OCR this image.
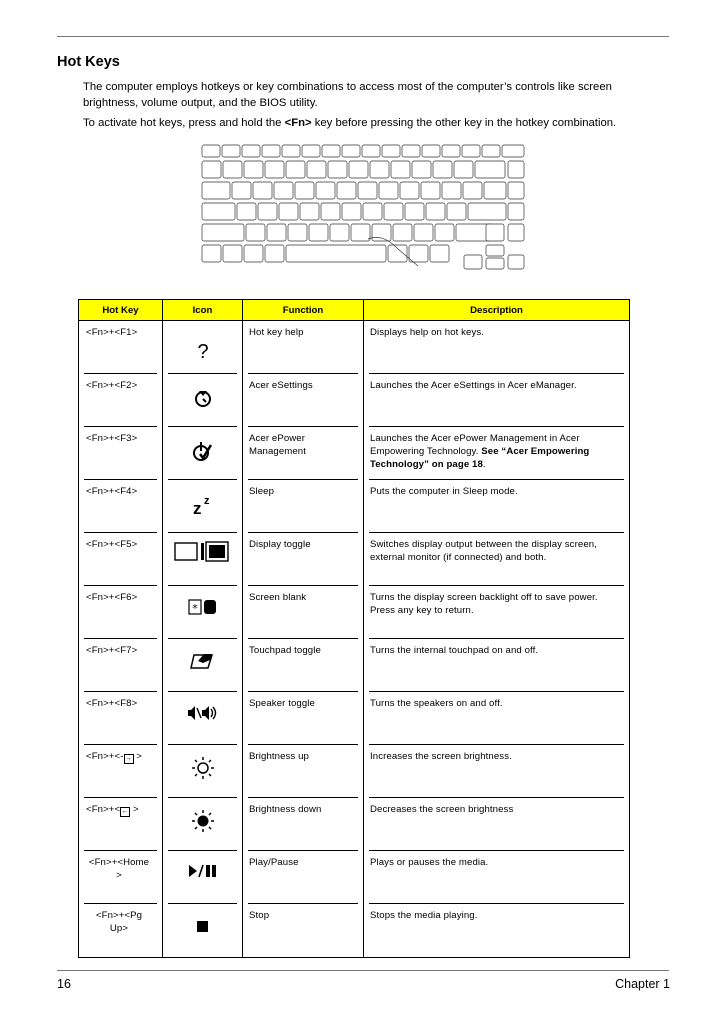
Hot Keys
The computer employs hotkeys or key combinations to access most of the computer’s controls like screen
brightness, volume output, and the BIOS utility.
To activate hot keys, press and hold the <Fn> key before pressing the other key in the hotkey combination.
Hot Key	Icon	Function	Description

<Fn>+<F1>	?	Hot key help	Displays help on hot keys.

<Fn>+<F2>		Acer eSettings	Launches the Acer eSettings in Acer eManager.

<Fn>+<F3>		Acer ePower
Management	Launches the Acer ePower Management in Acer
Empowering Technology. See “Acer Empowering
Technology” on page 18.

<Fn>+<F4>	z z	Sleep	Puts the computer in Sleep mode.

<Fn>+<F5>		Display toggle	Switches display output between the display screen,
external monitor (if connected) and both.

<Fn>+<F6>	*	Screen blank	Turns the display screen backlight off to save power.
Press any key to return.

<Fn>+<F7>		Touchpad toggle	Turns the internal touchpad on and off.

<Fn>+<F8>		Speaker toggle	Turns the speakers on and off.

<Fn>+<-→ >		Brightness up	Increases the screen brightness.

<Fn>+<← >		Brightness down	Decreases the screen brightness

<Fn>+<Home
>		Play/Pause	Plays or pauses the media.

<Fn>+<Pg
Up>		Stop	Stops the media playing.
16	Chapter 1
